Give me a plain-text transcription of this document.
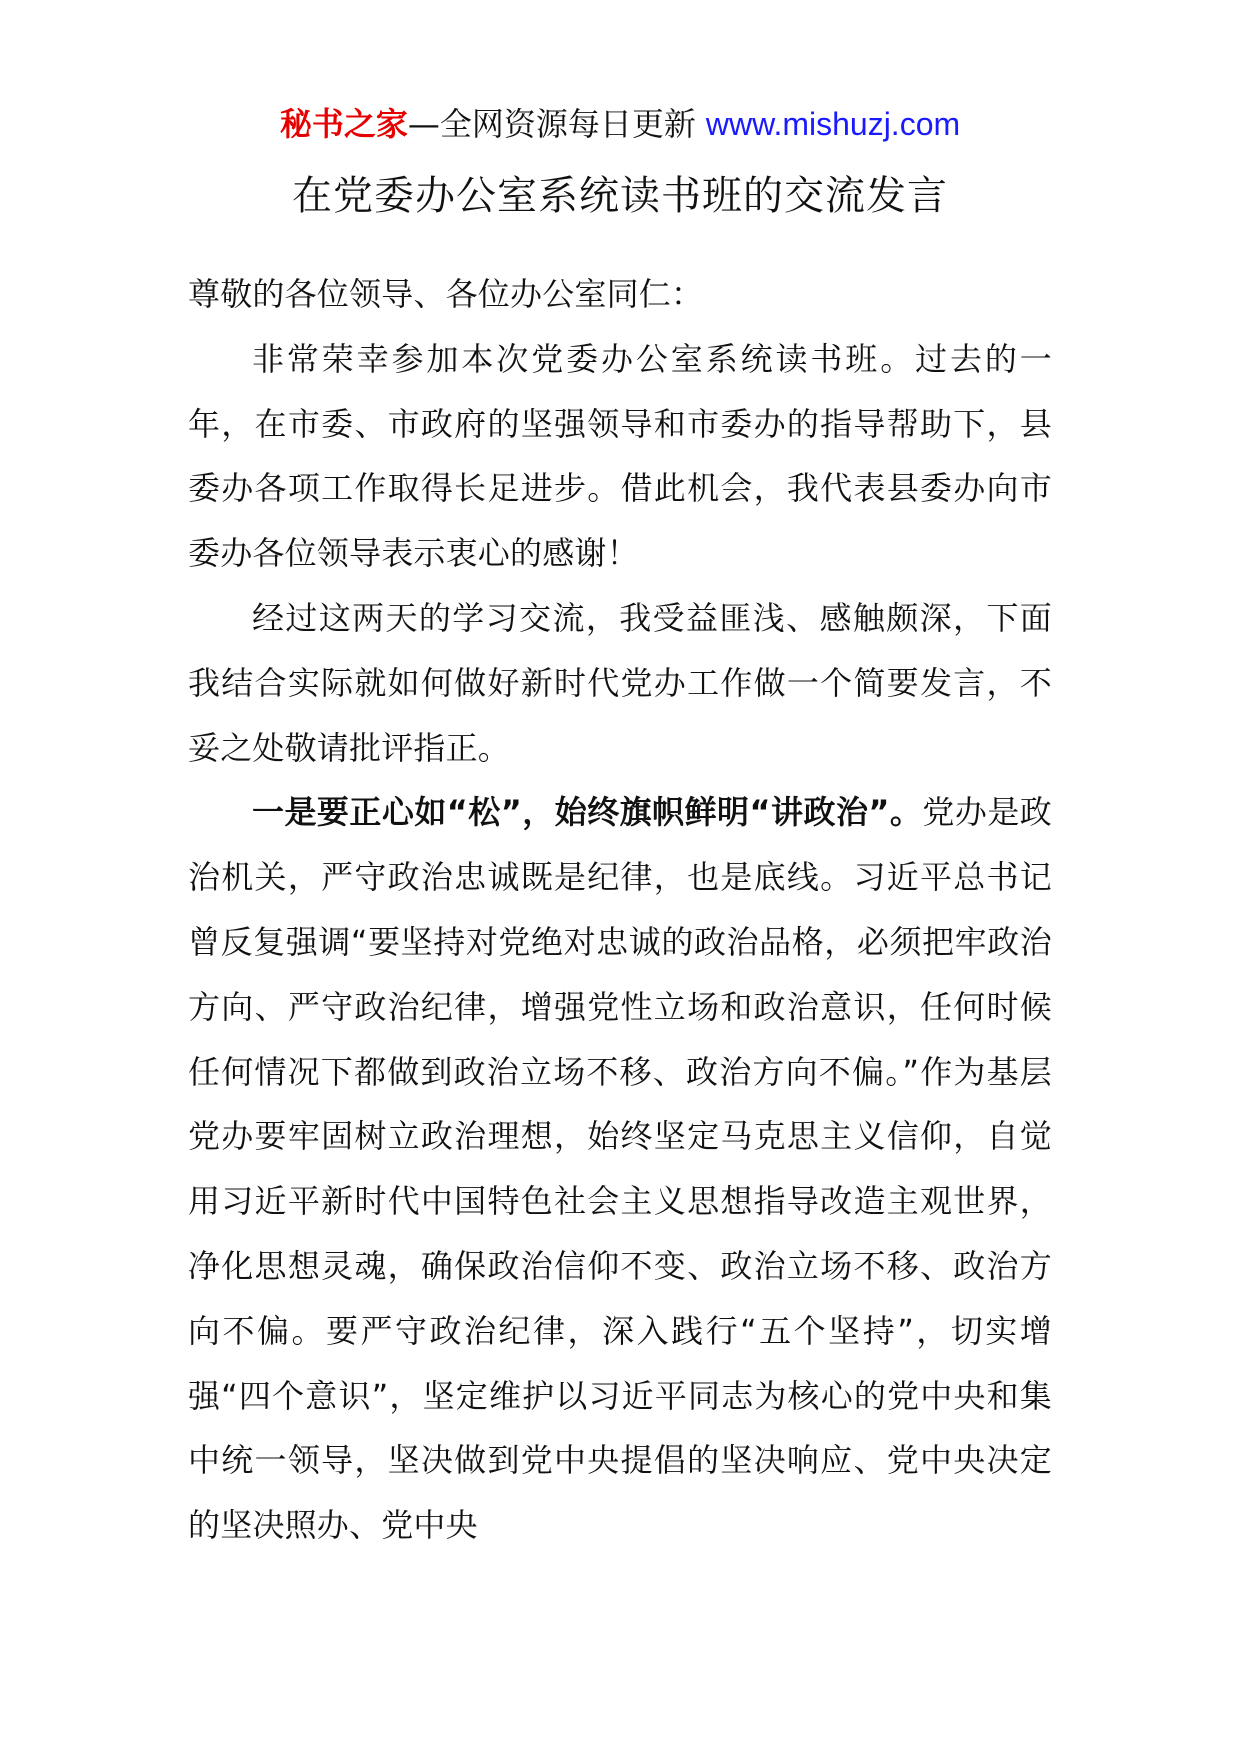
秘书之家—全网资源每日更新 www.mishuzj.com
在党委办公室系统读书班的交流发言

尊敬的各位领导、各位办公室同仁：

非常荣幸参加本次党委办公室系统读书班。过去的一年，在市委、市政府的坚强领导和市委办的指导帮助下，县委办各项工作取得长足进步。借此机会，我代表县委办向市委办各位领导表示衷心的感谢！

经过这两天的学习交流，我受益匪浅、感触颇深，下面我结合实际就如何做好新时代党办工作做一个简要发言，不妥之处敬请批评指正。

一是要正心如“松”，始终旗帜鲜明“讲政治”。党办是政治机关，严守政治忠诚既是纪律，也是底线。习近平总书记曾反复强调“要坚持对党绝对忠诚的政治品格，必须把牢政治方向、严守政治纪律，增强党性立场和政治意识，任何时候任何情况下都做到政治立场不移、政治方向不偏。”作为基层党办要牢固树立政治理想，始终坚定马克思主义信仰，自觉用习近平新时代中国特色社会主义思想指导改造主观世界，净化思想灵魂，确保政治信仰不变、政治立场不移、政治方向不偏。要严守政治纪律，深入践行“五个坚持”，切实增强“四个意识”，坚定维护以习近平同志为核心的党中央和集中统一领导，坚决做到党中央提倡的坚决响应、党中央决定的坚决照办、党中央
